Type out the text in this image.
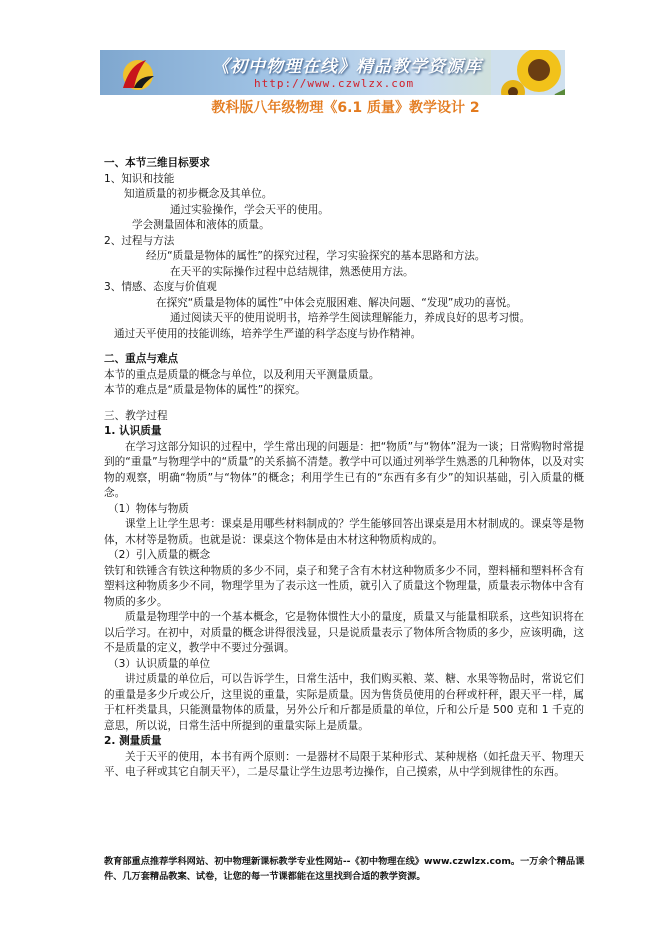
《初中物理在线》精品教学资源库
http://www.czwlzx.com
教科版八年级物理《6.1 质量》教学设计 2

一、本节三维目标要求

1、知识和技能

知道质量的初步概念及其单位。

通过实验操作，学会天平的使用。

学会测量固体和液体的质量。

2、过程与方法

经历“质量是物体的属性”的探究过程，学习实验探究的基本思路和方法。

在天平的实际操作过程中总结规律，熟悉使用方法。

3、情感、态度与价值观

在探究“质量是物体的属性”中体会克服困难、解决问题、“发现”成功的喜悦。

通过阅读天平的使用说明书，培养学生阅读理解能力，养成良好的思考习惯。

通过天平使用的技能训练，培养学生严谨的科学态度与协作精神。

二、重点与难点

本节的重点是质量的概念与单位，以及利用天平测量质量。

本节的难点是“质量是物体的属性”的探究。

三、教学过程

1. 认识质量

在学习这部分知识的过程中，学生常出现的问题是：把“物质”与“物体”混为一谈；日常购物时常提到的“重量”与物理学中的“质量”的关系搞不清楚。教学中可以通过列举学生熟悉的几种物体，以及对实物的观察，明确“物质”与“物体”的概念；利用学生已有的“东西有多有少”的知识基础，引入质量的概念。

（1）物体与物质

课堂上让学生思考：课桌是用哪些材料制成的？学生能够回答出课桌是用木材制成的。课桌等是物体，木材等是物质。也就是说：课桌这个物体是由木材这种物质构成的。

（2）引入质量的概念

铁钉和铁锤含有铁这种物质的多少不同，桌子和凳子含有木材这种物质多少不同，塑料桶和塑料杯含有塑料这种物质多少不同，物理学里为了表示这一性质，就引入了质量这个物理量，质量表示物体中含有物质的多少。

质量是物理学中的一个基本概念，它是物体惯性大小的量度，质量又与能量相联系，这些知识将在以后学习。在初中，对质量的概念讲得很浅显，只是说质量表示了物体所含物质的多少，应该明确，这不是质量的定义，教学中不要过分强调。

（3）认识质量的单位

讲过质量的单位后，可以告诉学生，日常生活中，我们购买粮、菜、糖、水果等物品时，常说它们的重量是多少斤或公斤，这里说的重量，实际是质量。因为售货员使用的台秤或杆秤，跟天平一样，属于杠杆类量具，只能测量物体的质量，另外公斤和斤都是质量的单位，斤和公斤是 500 克和 1 千克的意思，所以说，日常生活中所提到的重量实际上是质量。

2. 测量质量

关于天平的使用，本书有两个原则：一是器材不局限于某种形式、某种规格（如托盘天平、物理天平、电子秤或其它自制天平），二是尽量让学生边思考边操作，自己摸索，从中学到规律性的东西。

教育部重点推荐学科网站、初中物理新课标教学专业性网站--《初中物理在线》www.czwlzx.com。一万余个精品课

件、几万套精品教案、试卷，让您的每一节课都能在这里找到合适的教学资源。
